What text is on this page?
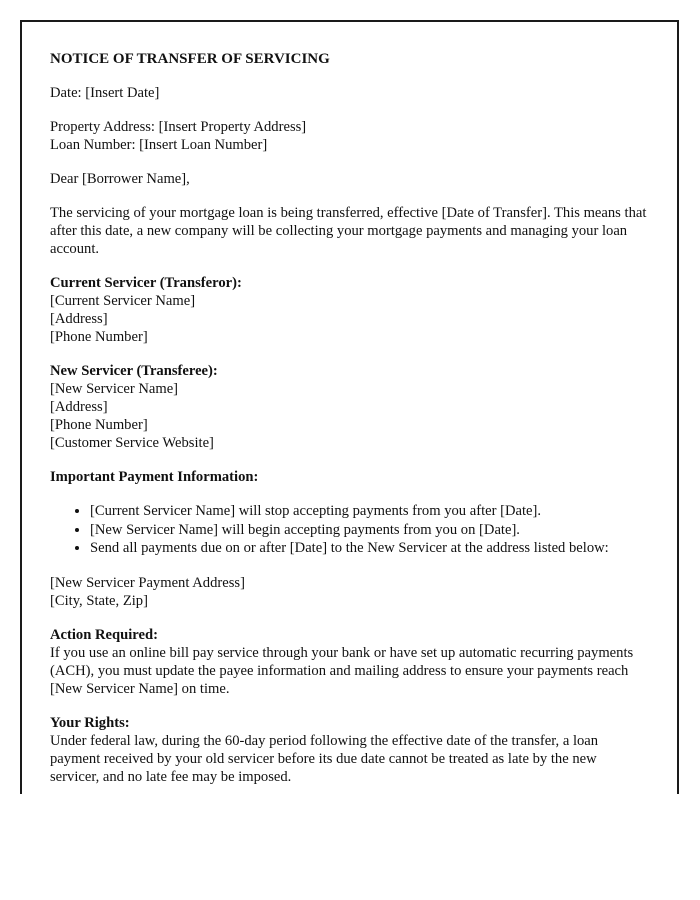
NOTICE OF TRANSFER OF SERVICING
Date: [Insert Date]
Property Address: [Insert Property Address]
Loan Number: [Insert Loan Number]
Dear [Borrower Name],
The servicing of your mortgage loan is being transferred, effective [Date of Transfer]. This means that after this date, a new company will be collecting your mortgage payments and managing your loan account.
Current Servicer (Transferor):
[Current Servicer Name]
[Address]
[Phone Number]
New Servicer (Transferee):
[New Servicer Name]
[Address]
[Phone Number]
[Customer Service Website]
Important Payment Information:
• [Current Servicer Name] will stop accepting payments from you after [Date].
• [New Servicer Name] will begin accepting payments from you on [Date].
• Send all payments due on or after [Date] to the New Servicer at the address listed below:
[New Servicer Payment Address]
[City, State, Zip]
Action Required:
If you use an online bill pay service through your bank or have set up automatic recurring payments (ACH), you must update the payee information and mailing address to ensure your payments reach [New Servicer Name] on time.
Your Rights:
Under federal law, during the 60-day period following the effective date of the transfer, a loan payment received by your old servicer before its due date cannot be treated as late by the new servicer, and no late fee may be imposed.
